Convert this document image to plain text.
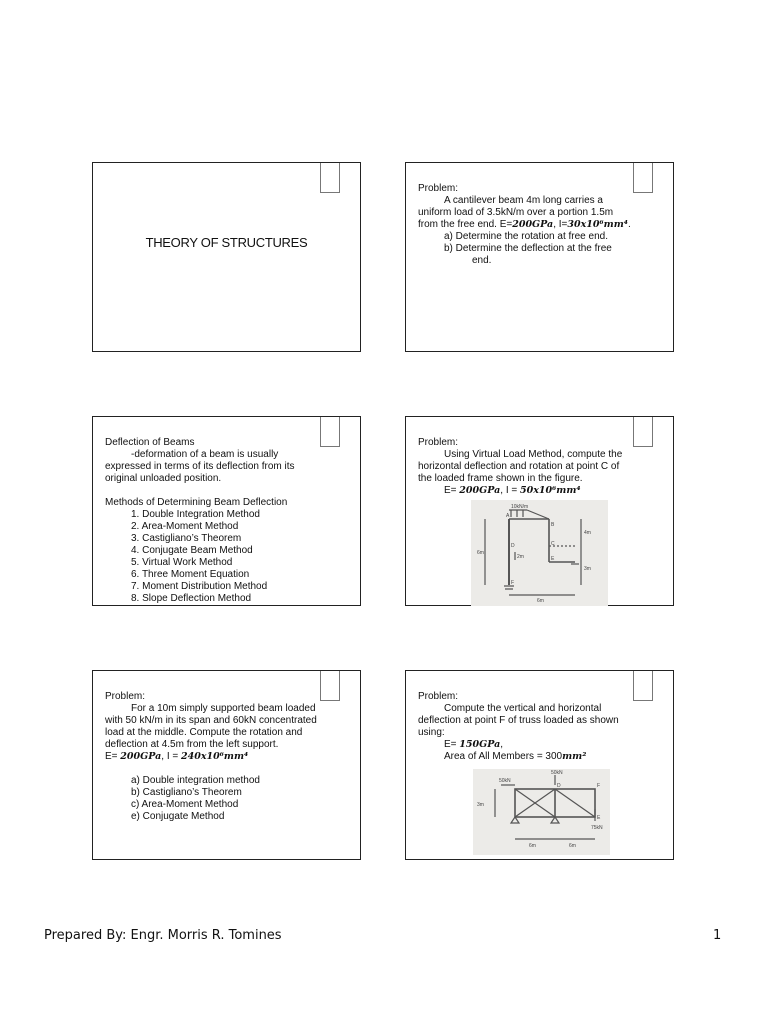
THEORY OF STRUCTURES
Problem:
A cantilever beam 4m long carries a
uniform load of 3.5kN/m over a portion 1.5m
from the free end. E=200GPa, I=30x10⁶mm⁴.
a) Determine the rotation at free end.
b) Determine the deflection at the free
end.
Deflection of Beams
-deformation of a beam is usually
expressed in terms of its deflection from its
original unloaded position.
Methods of Determining Beam Deflection
1. Double Integration Method
2. Area-Moment Method
3. Castigliano’s Theorem
4. Conjugate Beam Method
5. Virtual Work Method
6. Three Moment Equation
7. Moment Distribution Method
8. Slope Deflection Method
Problem:
Using Virtual Load Method, compute the
horizontal deflection and rotation at point C of
the loaded frame shown in the figure.
E= 200GPa, I = 50x10⁶mm⁴
10kN/m
A
B
C
D
E
F
6m
2m
4m
3m
6m
Problem:
For a 10m simply supported beam loaded
with 50 kN/m in its span and 60kN concentrated
load at the middle. Compute the rotation and
deflection at 4.5m from the left support.
E= 200GPa, I = 240x10⁶mm⁴
a) Double integration method
b) Castigliano’s Theorem
c) Area-Moment Method
e) Conjugate Method
Problem:
Compute the vertical and horizontal
deflection at point F of truss loaded as shown
using:
E= 150GPa,
Area of All Members = 300mm²
50kN
50kN
75kN
3m
D	F
E
6m	6m
Prepared By: Engr. Morris R. Tomines	1
